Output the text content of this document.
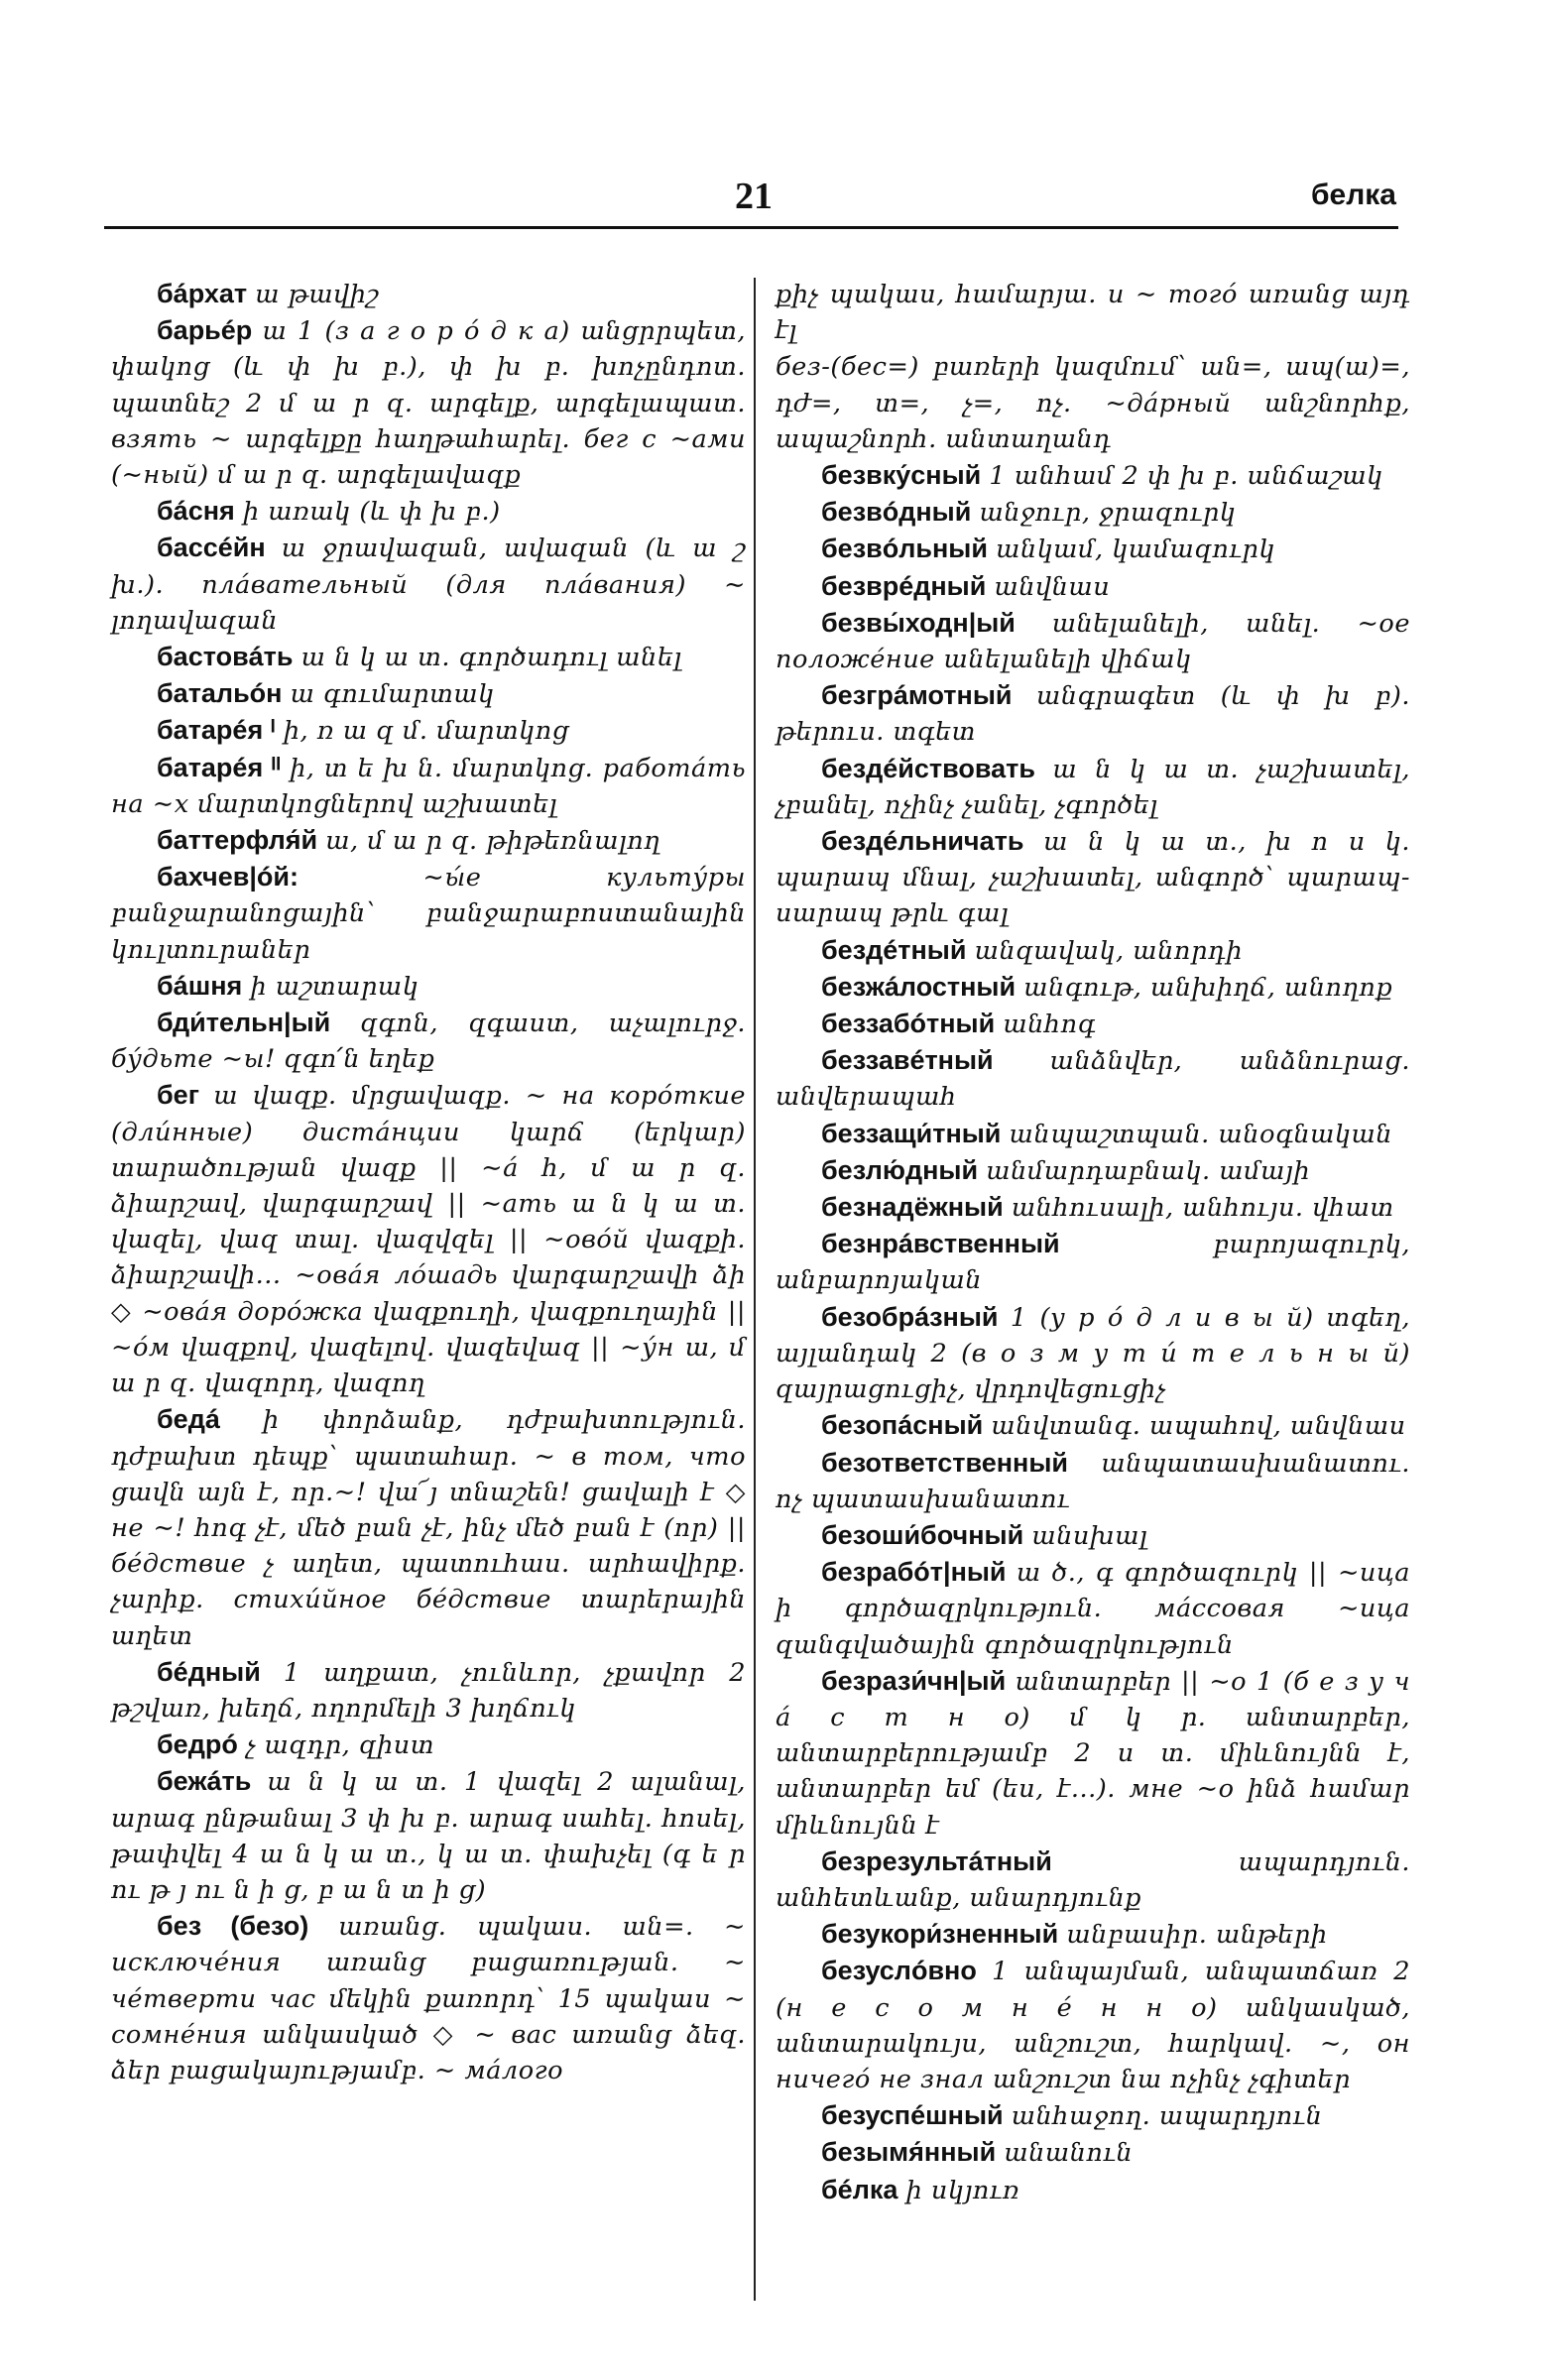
21	белка

бáрхат ա թավիշ

барьéр ա 1 (з а г о р о́ д к а) անցրրպետ, փակոց (և փ խ բ.), փ խ բ. խոչընդոտ. պատնեշ 2 մ ա ր զ. արգելք, արգելապատ. взять ∼ արգելքը հաղթահարել. бег с ∼ами (∼ный) մ ա ր զ. արգելավազք

бáсня ի առակ (և փ խ բ.)

бассéйн ա ջրավազան, ավազան (և ա շ խ.). плáвательный (для плáвания) ∼ լողավազան

бастовáть ա ն կ ա տ. գործադուլ անել

батальóн ա գումարտակ

батарéя ᴵ ի, ռ ա զ մ. մարտկոց

батарéя ᴵᴵ ի, տ ե խ ն. մարտկոց. работáть на ∼х մարտկոցներով աշխատել

баттерфля́й ա, մ ա ր զ. թիթեռնալող

бахчев|óй:	∼ы́е культу́ры բանջարանոցային՝ բանջարաբոստանային կուլտուրաներ

бáшня ի աշտարակ

бди́тельн|ый զգոն, զգաստ, աչալուրջ. бу́дьте ∼ы! զգո՛ն եղեք

бег ա վազք. մրցավազք. ∼ на корóткие (дли́нные) дистáнции կարճ (երկար) տարածության վազք || ∼á հ, մ ա ր զ. ձիարշավ, վարգարշավ || ∼ать ա ն կ ա տ. վազել, վազ տալ. վազվզել || ∼овóй վազքի. ձիարշավի... ∼овáя лóшадь վարգարշավի ձի ◇ ∼овáя дорóжка վազքուղի, վազքուղային || ∼óм վազքով, վազելով. վազեվազ || ∼у́н ա, մ ա ր զ. վազորդ, վազող

бедá ի փորձանք, դժբախտություն. դժբախտ դեպք՝ պատահար. ∼ в том, что ցավն այն է, որ.∼! վա՜յ տնաշեն! ցավալի է ◇ не ∼! հոգ չէ, մեծ բան չէ, ինչ մեծ բան է (որ) || бéдствие չ աղետ, պատուհաս. արհավիրք. չարիք. стихи́йное бéдствие տարերային աղետ

бéдный 1 աղքատ, չունևոր, չքավոր 2 թշվառ, խեղճ, ողորմելի 3 խղճուկ

бедрó չ ազդր, զիստ

бежáть ա ն կ ա տ. 1 վազել 2 ալանալ, արագ ընթանալ 3 փ խ բ. արագ սահել. հոսել, թափվել 4 ա ն կ ա տ., կ ա տ. փախչել (գ ե ր ու թ յ ու ն ի ց, բ ա ն տ ի ց)

без (безо) առանց. պակաս. ան=. ∼ исключéния առանց բացառության. ∼ чéтверти час մեկին քառորդ՝ 15 պակաս ∼ сомнéния անկասկած ◇ ∼ вас առանց ձեզ. ձեր բացակայությամբ. ∼ мáлого

քիչ պակաս, համարյա. и ∼ тогó առանց այդ էլ

без-(бес=) բառերի կազմում՝ ան=, ապ(ա)=, դժ=, տ=, չ=, ոչ. ∼дáрный անշնորհք, ապաշնորհ. անտաղանդ

безвку́сный 1 անհամ 2 փ խ բ. անճաշակ

безвóдный անջուր, ջրազուրկ

безвóльный անկամ, կամազուրկ

безврéдный անվնաս

безвы́ходн|ый անելանելի, անել. ∼ое положéние անելանելի վիճակ

безгрáмотный անգրագետ (և փ խ բ). թերուս. տգետ

бездéйствовать ա ն կ ա տ. չաշխատել, չբանել, ոչինչ չանել, չգործել

бездéльничать ա ն կ ա տ., խ ո ս կ. պարապ մնալ, չաշխատել, անգործ՝ պարապ-սարապ թրև գալ

бездéтный անզավակ, անորդի

безжáлостный անգութ, անխիղճ, անողոք

беззабóтный անհոգ

беззавéтный անձնվեր, անձնուրաց. անվերապահ

беззащи́тный անպաշտպան. անօգնական

безлю́дный անմարդաբնակ. ամայի

безнадёжный անհուսալի, անհույս. վհատ

безнрáвственный	բարոյազուրկ, անբարոյական

безобрáзный 1 (у р ó д л и в ы й) տգեղ, այլանդակ 2 (в о з м у т и́ т е л ь н ы й) զայրացուցիչ, վրդովեցուցիչ

безопáсный անվտանգ. ապահով, անվնաս

безответственный անպատասխանատու. ոչ պատասխանատու

безоши́бочный անսխալ

безрабóт|ный ա ծ., գ գործազուրկ || ∼ица ի գործազրկություն. мáссовая ∼ица զանգվածային գործազրկություն

безрази́чн|ый անտարբեր || ∼о 1 (б е з у ч á с т н о) մ կ ր. անտարբեր, անտարբերությամբ 2 ս տ. միևնույնն է, անտարբեր եմ (ես, է...). мне ∼о ինձ համար միևնույնն է

безрезультáтный	ապարդյուն. անհետևանք, անարդյունք

безукори́зненный անբասիր. անթերի

безуслóвно 1 անպայման, անպատճառ 2 (н е с о м н é н н о) անկասկած, անտարակույս, անշուշտ, հարկավ. ∼, он ничегó не знал անշուշտ նա ոչինչ չգիտեր

безуспéшный անհաջող. ապարդյուն

безымя́нный անանուն

бéлка ի սկյուռ
